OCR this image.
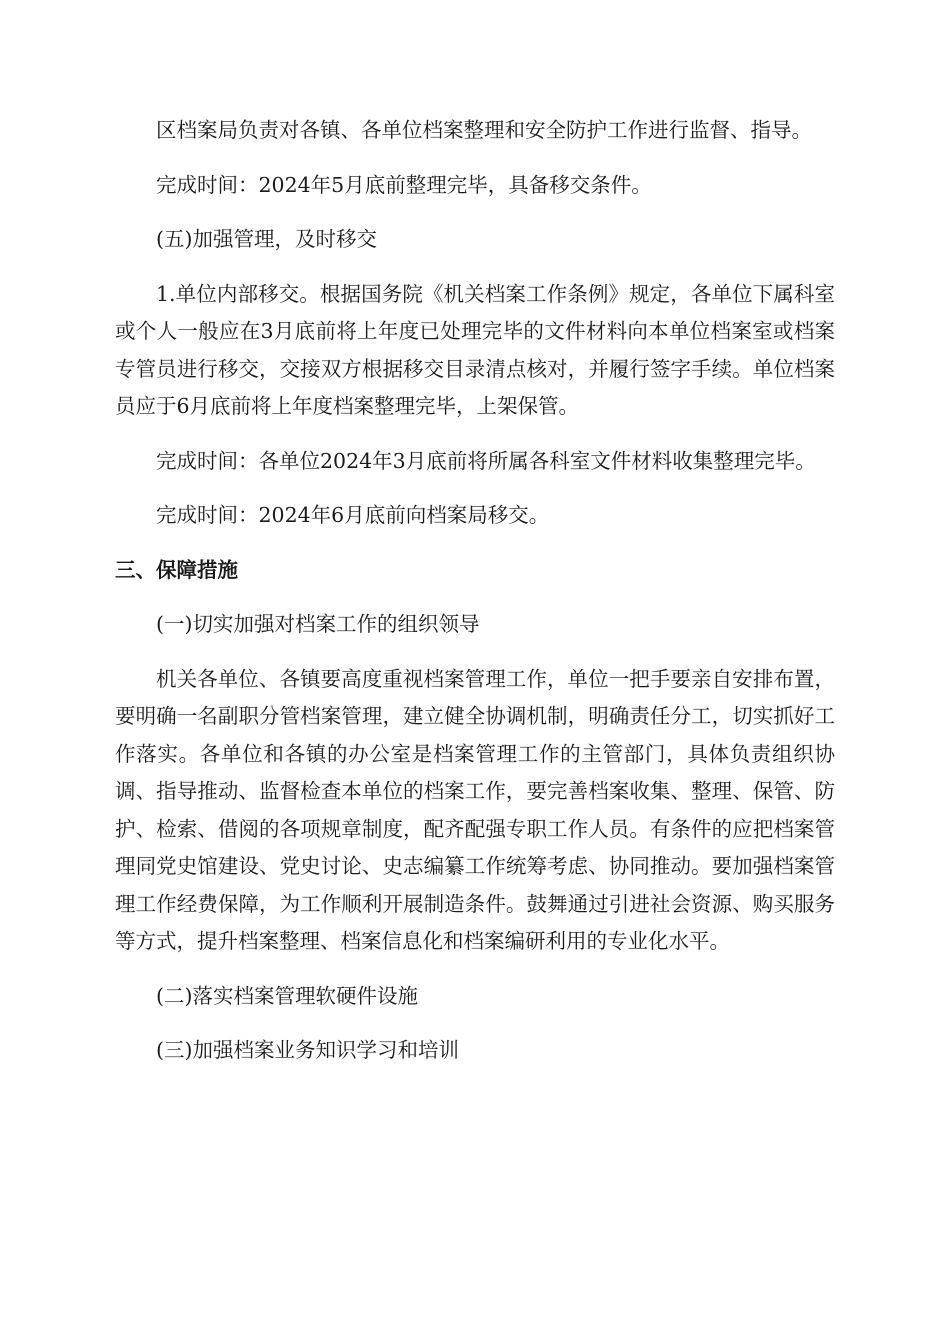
区档案局负责对各镇、各单位档案整理和安全防护工作进行监督、指导。

完成时间：2024年5月底前整理完毕，具备移交条件。

(五)加强管理，及时移交

1.单位内部移交。根据国务院《机关档案工作条例》规定，各单位下属科室或个人一般应在3月底前将上年度已处理完毕的文件材料向本单位档案室或档案专管员进行移交，交接双方根据移交目录清点核对，并履行签字手续。单位档案员应于6月底前将上年度档案整理完毕，上架保管。

完成时间：各单位2024年3月底前将所属各科室文件材料收集整理完毕。

完成时间：2024年6月底前向档案局移交。

三、保障措施

(一)切实加强对档案工作的组织领导

机关各单位、各镇要高度重视档案管理工作，单位一把手要亲自安排布置，要明确一名副职分管档案管理，建立健全协调机制，明确责任分工，切实抓好工作落实。各单位和各镇的办公室是档案管理工作的主管部门，具体负责组织协调、指导推动、监督检查本单位的档案工作，要完善档案收集、整理、保管、防护、检索、借阅的各项规章制度，配齐配强专职工作人员。有条件的应把档案管理同党史馆建设、党史讨论、史志编纂工作统筹考虑、协同推动。要加强档案管理工作经费保障，为工作顺利开展制造条件。鼓舞通过引进社会资源、购买服务等方式，提升档案整理、档案信息化和档案编研利用的专业化水平。

(二)落实档案管理软硬件设施

(三)加强档案业务知识学习和培训
